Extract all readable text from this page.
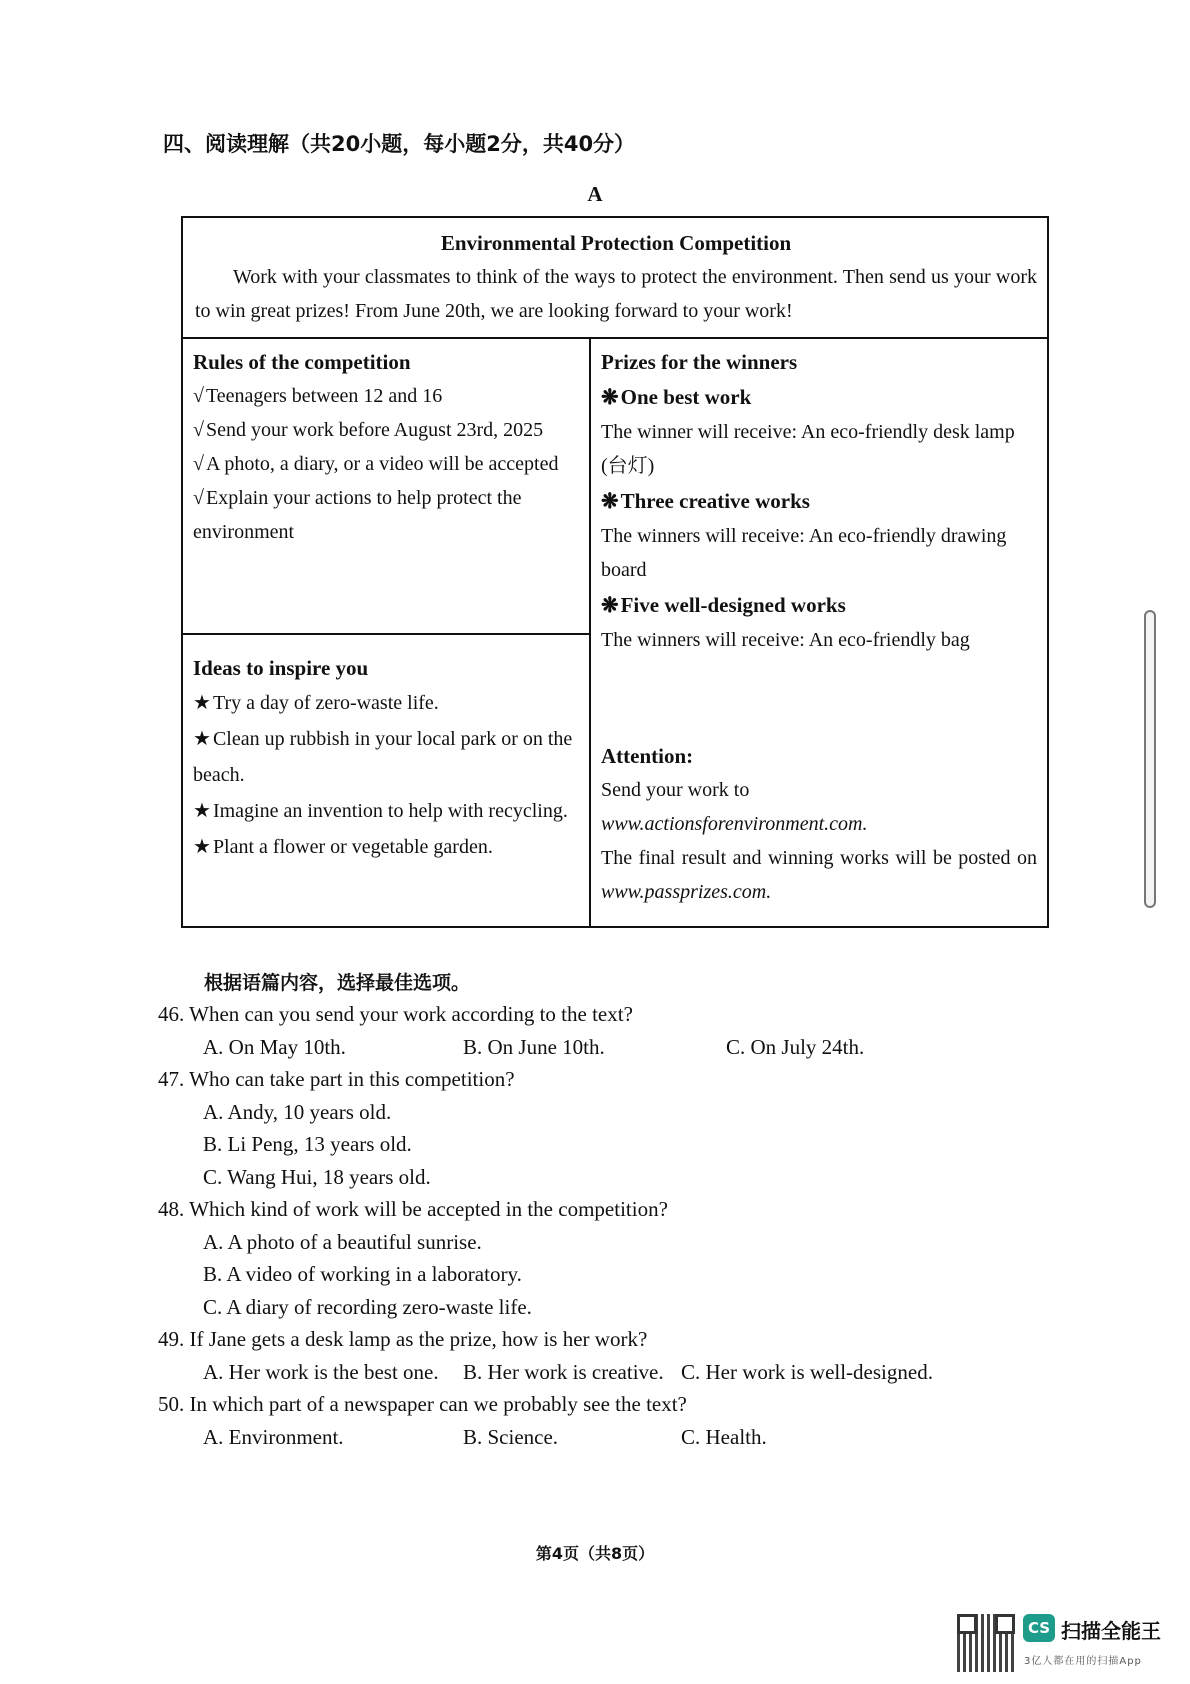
四、阅读理解（共20小题，每小题2分，共40分）
A
Environmental Protection Competition
Work with your classmates to think of the ways to protect the environment. Then send us your work to win great prizes! From June 20th, we are looking forward to your work!
Rules of the competition
√ Teenagers between 12 and 16
√ Send your work before August 23rd, 2025
√ A photo, a diary, or a video will be accepted
√ Explain your actions to help protect the environment
Ideas to inspire you
★ Try a day of zero-waste life.
★ Clean up rubbish in your local park or on the beach.
★ Imagine an invention to help with recycling.
★ Plant a flower or vegetable garden.
Prizes for the winners
❋One best work
The winner will receive: An eco-friendly desk lamp (台灯)
❋Three creative works
The winners will receive: An eco-friendly drawing board
❋Five well-designed works
The winners will receive: An eco-friendly bag
Attention:
Send your work to
www.actionsforenvironment.com.
The final result and winning works will be posted on www.passprizes.com.
根据语篇内容，选择最佳选项。
46. When can you send your work according to the text?
A. On May 10th.	B. On June 10th.	C. On July 24th.
47. Who can take part in this competition?
A. Andy, 10 years old.
B. Li Peng, 13 years old.
C. Wang Hui, 18 years old.
48. Which kind of work will be accepted in the competition?
A. A photo of a beautiful sunrise.
B. A video of working in a laboratory.
C. A diary of recording zero-waste life.
49. If Jane gets a desk lamp as the prize, how is her work?
A. Her work is the best one. B. Her work is creative. C. Her work is well-designed.
50. In which part of a newspaper can we probably see the text?
A. Environment.	B. Science.	C. Health.
第4页（共8页）
CS 扫描全能王
3亿人都在用的扫描App
